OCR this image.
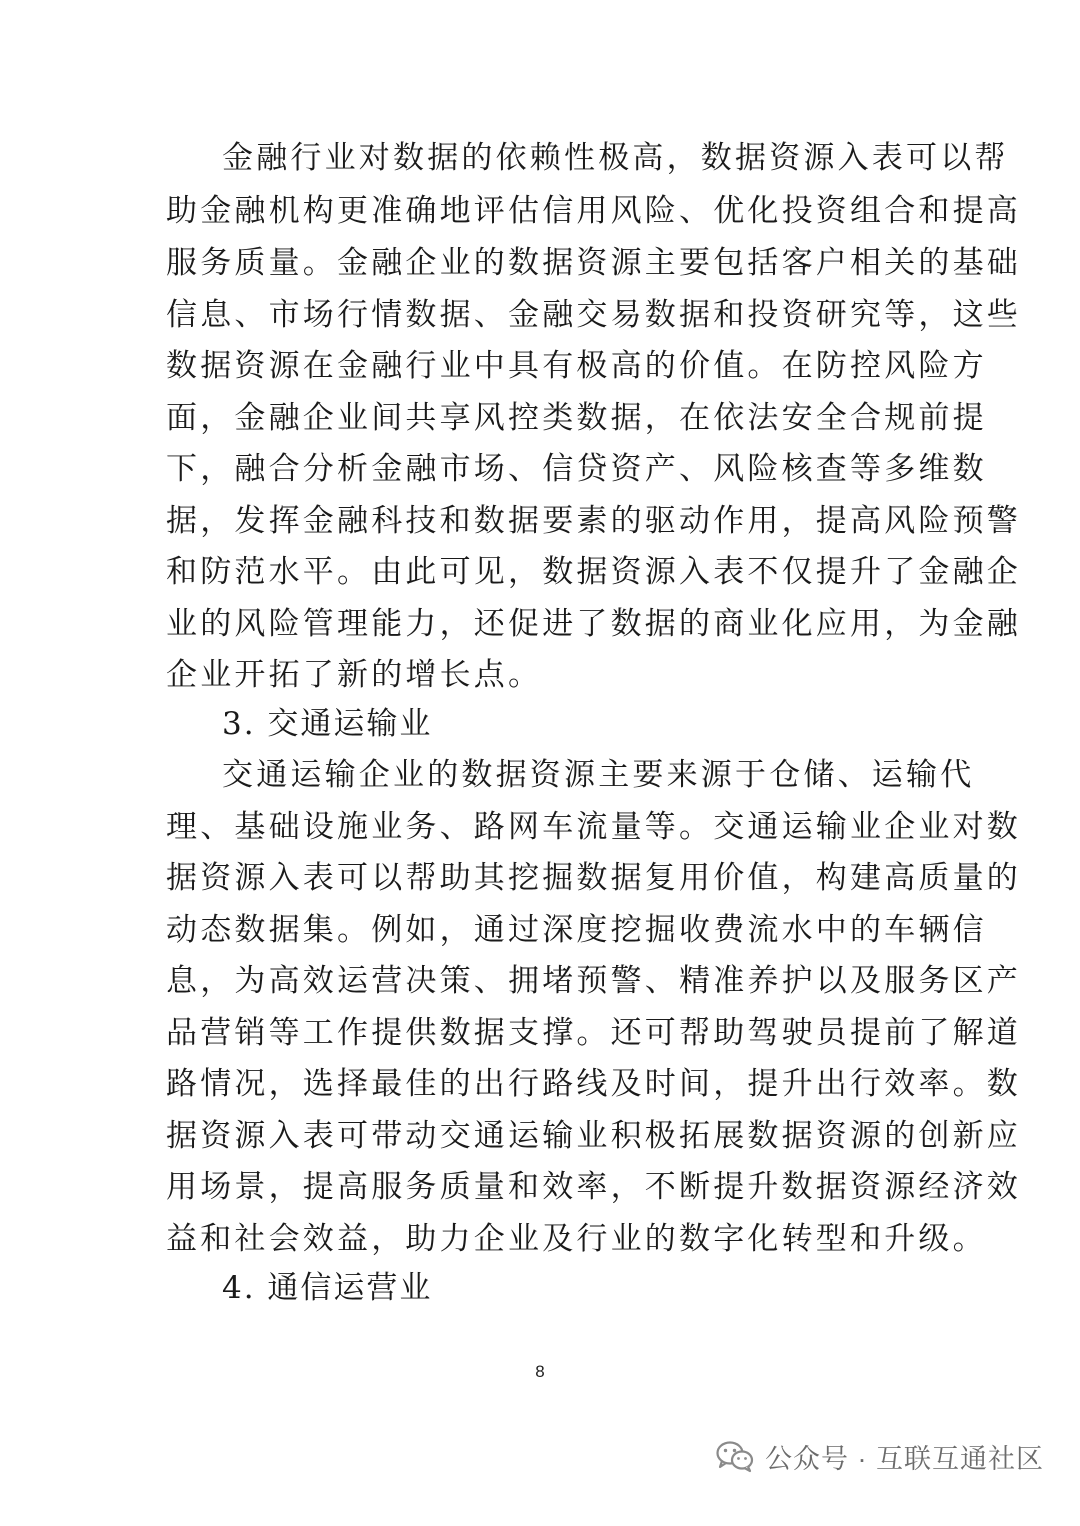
金融行业对数据的依赖性极高，数据资源入表可以帮
助金融机构更准确地评估信用风险、优化投资组合和提高
服务质量。金融企业的数据资源主要包括客户相关的基础
信息、市场行情数据、金融交易数据和投资研究等，这些
数据资源在金融行业中具有极高的价值。在防控风险方
面，金融企业间共享风控类数据，在依法安全合规前提
下，融合分析金融市场、信贷资产、风险核查等多维数
据，发挥金融科技和数据要素的驱动作用，提高风险预警
和防范水平。由此可见，数据资源入表不仅提升了金融企
业的风险管理能力，还促进了数据的商业化应用，为金融
企业开拓了新的增长点。
3. 交通运输业
交通运输企业的数据资源主要来源于仓储、运输代
理、基础设施业务、路网车流量等。交通运输业企业对数
据资源入表可以帮助其挖掘数据复用价值，构建高质量的
动态数据集。例如，通过深度挖掘收费流水中的车辆信
息，为高效运营决策、拥堵预警、精准养护以及服务区产
品营销等工作提供数据支撑。还可帮助驾驶员提前了解道
路情况，选择最佳的出行路线及时间，提升出行效率。数
据资源入表可带动交通运输业积极拓展数据资源的创新应
用场景，提高服务质量和效率，不断提升数据资源经济效
益和社会效益，助力企业及行业的数字化转型和升级。
4. 通信运营业
8
公众号 · 互联互通社区
